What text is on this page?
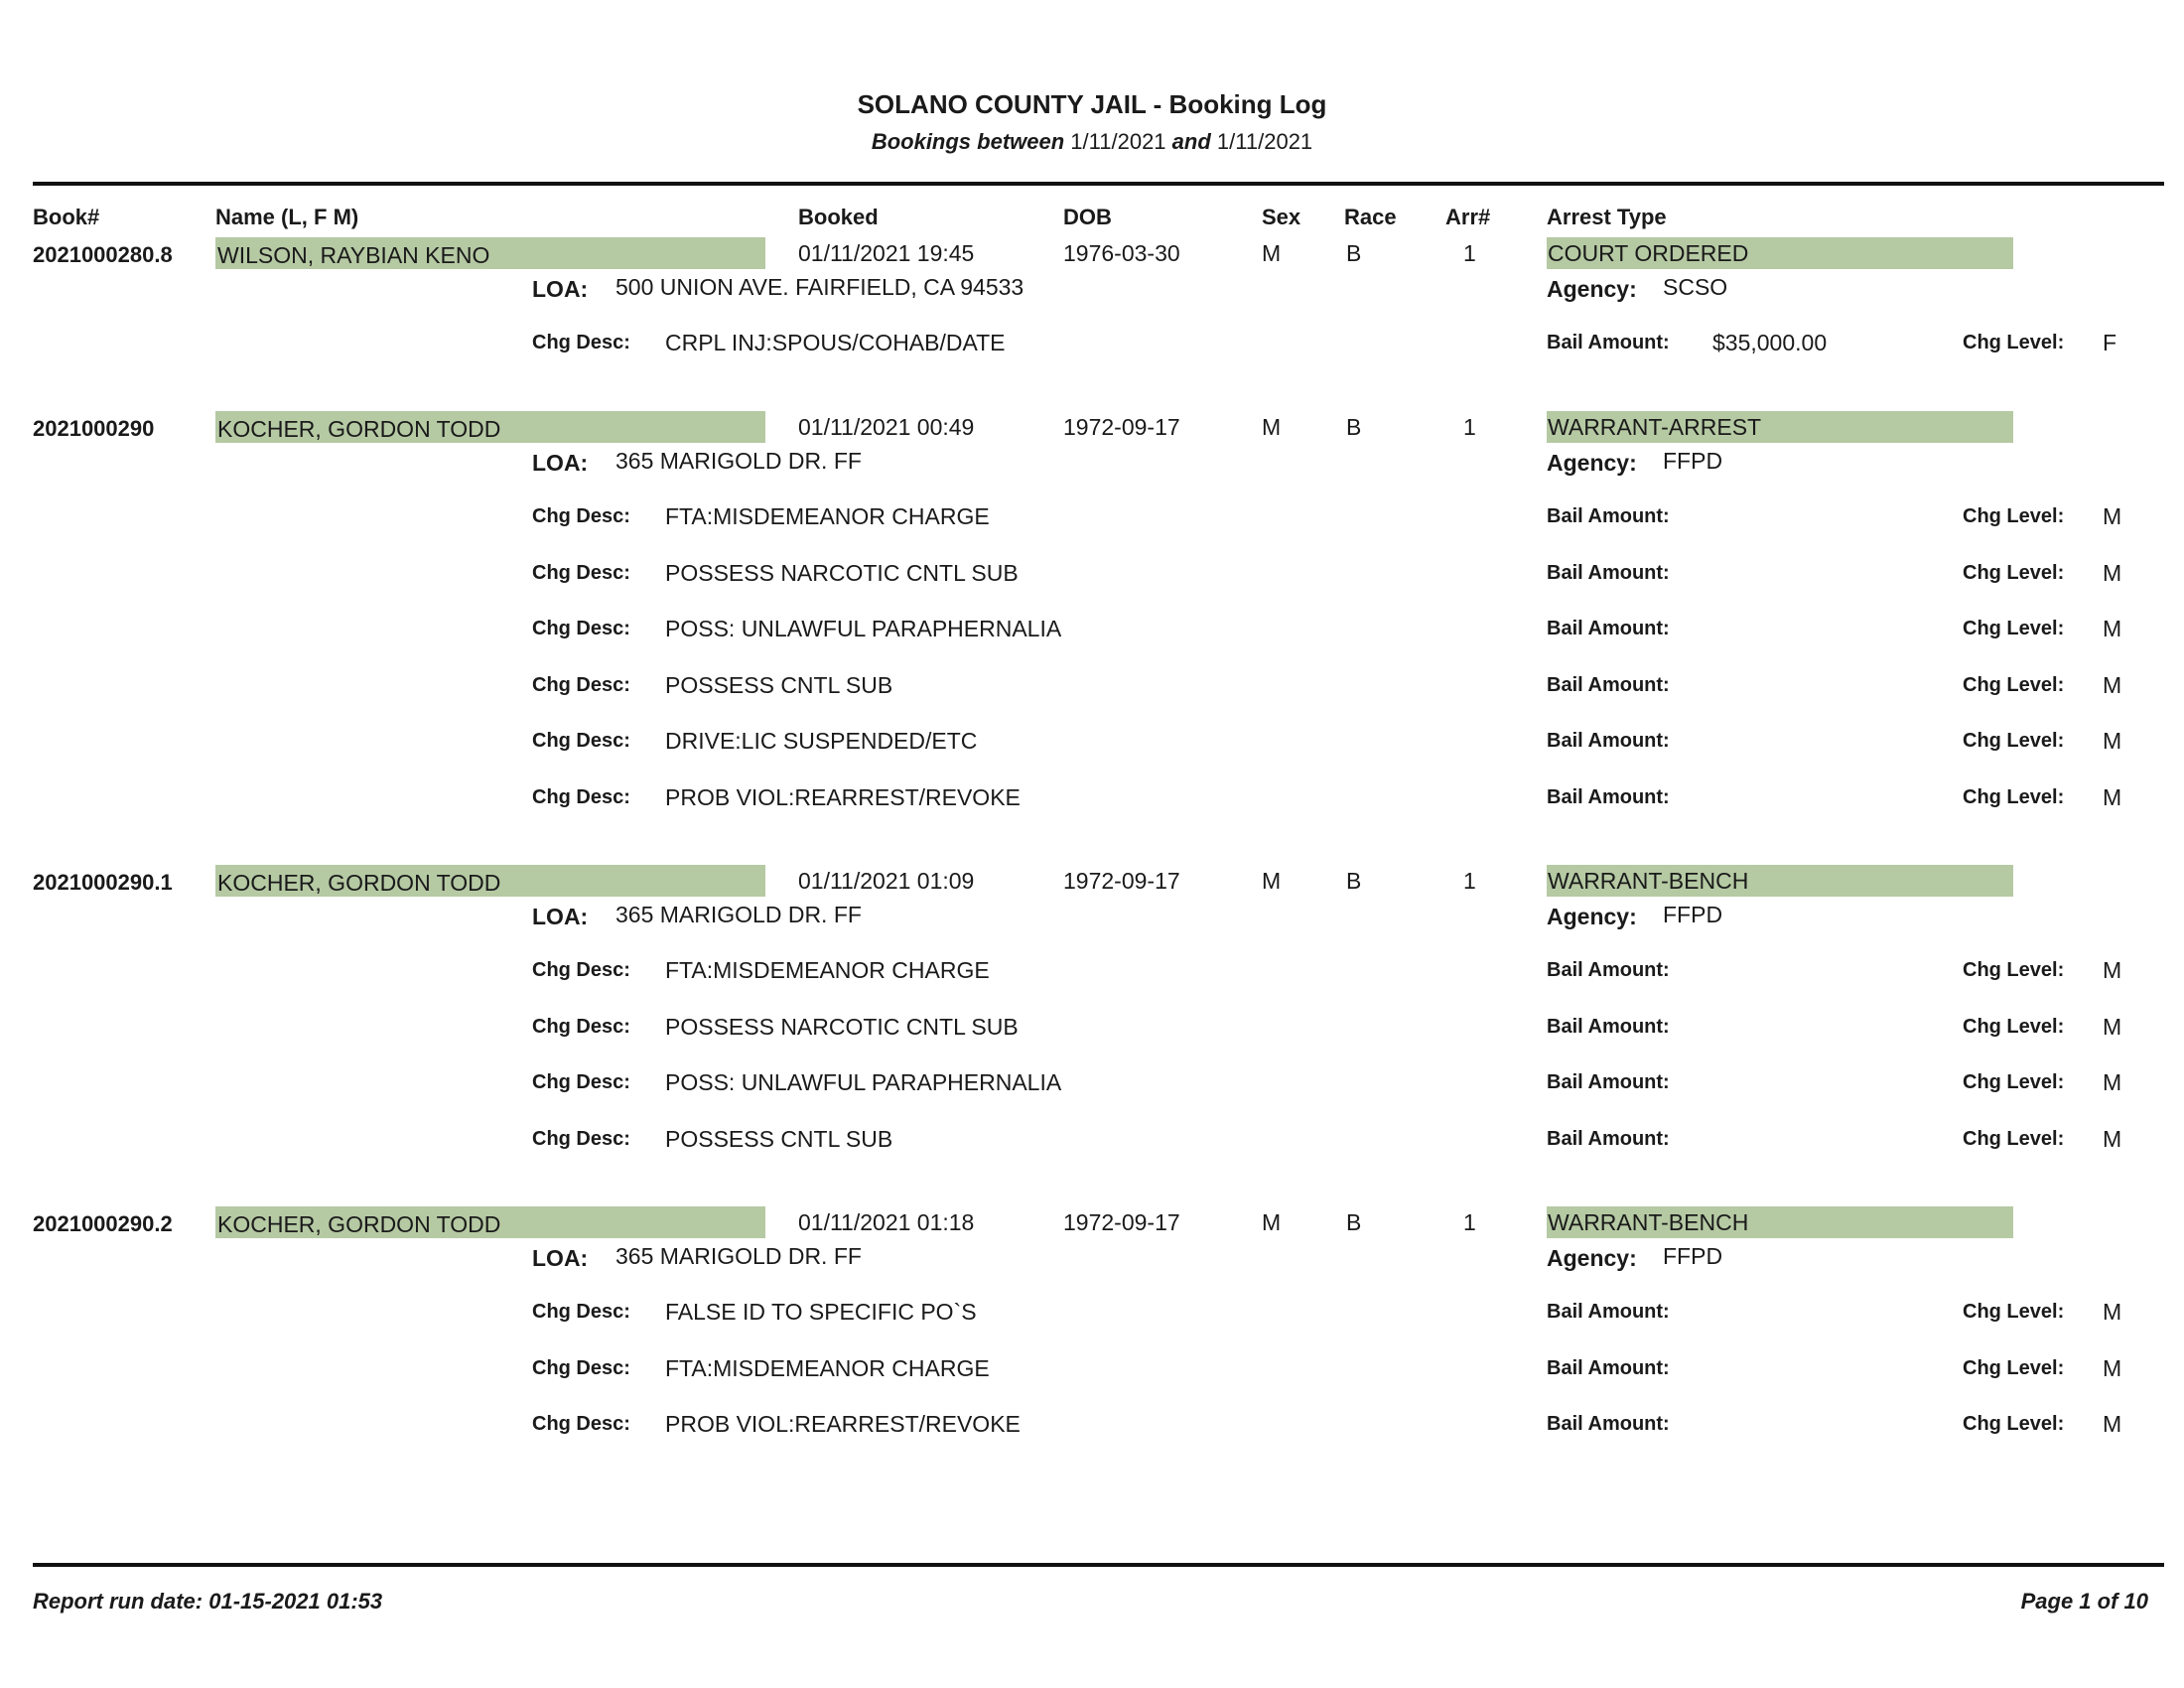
SOLANO COUNTY JAIL - Booking Log
Bookings between 1/11/2021 and 1/11/2021
Book#	Name (L, F M)	Booked	DOB	Sex Race Arr#	Arrest Type
2021000280.8 WILSON, RAYBIAN KENO	01/11/2021 19:45	1976-03-30	M	B	1	COURT ORDERED
LOA: 500 UNION AVE. FAIRFIELD, CA 94533	Agency: SCSO
Chg Desc: CRPL INJ:SPOUS/COHAB/DATE	Bail Amount: $35,000.00	Chg Level: F
2021000290	KOCHER, GORDON TODD	01/11/2021 00:49	1972-09-17	M	B	1	WARRANT-ARREST
LOA: 365 MARIGOLD DR. FF	Agency: FFPD
Chg Desc: FTA:MISDEMEANOR CHARGE	Bail Amount:	Chg Level: M
Chg Desc: POSSESS NARCOTIC CNTL SUB	Bail Amount:	Chg Level: M
Chg Desc: POSS: UNLAWFUL PARAPHERNALIA	Bail Amount:	Chg Level: M
Chg Desc: POSSESS CNTL SUB	Bail Amount:	Chg Level: M
Chg Desc: DRIVE:LIC SUSPENDED/ETC	Bail Amount:	Chg Level: M
Chg Desc: PROB VIOL:REARREST/REVOKE	Bail Amount:	Chg Level: M
2021000290.1 KOCHER, GORDON TODD	01/11/2021 01:09	1972-09-17	M	B	1	WARRANT-BENCH
LOA: 365 MARIGOLD DR. FF	Agency: FFPD
Chg Desc: FTA:MISDEMEANOR CHARGE	Bail Amount:	Chg Level: M
Chg Desc: POSSESS NARCOTIC CNTL SUB	Bail Amount:	Chg Level: M
Chg Desc: POSS: UNLAWFUL PARAPHERNALIA	Bail Amount:	Chg Level: M
Chg Desc: POSSESS CNTL SUB	Bail Amount:	Chg Level: M
2021000290.2 KOCHER, GORDON TODD	01/11/2021 01:18	1972-09-17	M	B	1	WARRANT-BENCH
LOA: 365 MARIGOLD DR. FF	Agency: FFPD
Chg Desc: FALSE ID TO SPECIFIC PO`S	Bail Amount:	Chg Level: M
Chg Desc: FTA:MISDEMEANOR CHARGE	Bail Amount:	Chg Level: M
Chg Desc: PROB VIOL:REARREST/REVOKE	Bail Amount:	Chg Level: M
Report run date: 01-15-2021 01:53	Page 1 of 10
